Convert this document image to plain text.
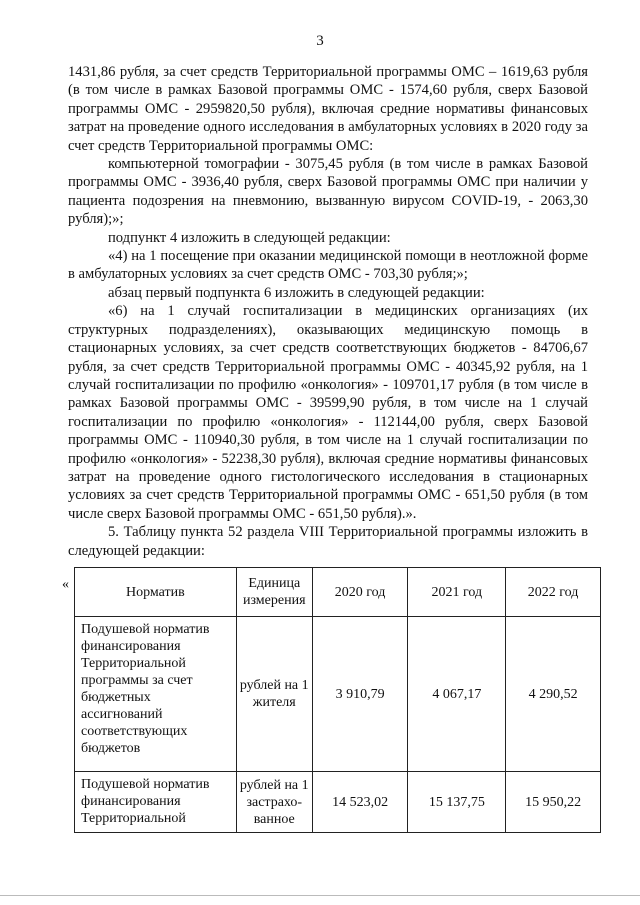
3

1431,86 рубля, за счет средств Территориальной программы ОМС – 1619,63 рубля (в том числе в рамках Базовой программы ОМС - 1574,60 рубля, сверх Базовой программы ОМС - 2959820,50 рубля), включая средние нормативы финансовых затрат на проведение одного исследования в амбулаторных условиях в 2020 году за счет средств Территориальной программы ОМС:

компьютерной томографии - 3075,45 рубля (в том числе в рамках Базовой программы ОМС - 3936,40 рубля, сверх Базовой программы ОМС при наличии у пациента подозрения на пневмонию, вызванную вирусом COVID-19, - 2063,30 рубля);»;

подпункт 4 изложить в следующей редакции:

«4) на 1 посещение при оказании медицинской помощи в неотложной форме в амбулаторных условиях за счет средств ОМС - 703,30 рубля;»;

абзац первый подпункта 6 изложить в следующей редакции:

«6) на 1 случай госпитализации в медицинских организациях (их структурных подразделениях), оказывающих медицинскую помощь в стационарных условиях, за счет средств соответствующих бюджетов - 84706,67 рубля, за счет средств Территориальной программы ОМС - 40345,92 рубля, на 1 случай госпитализации по профилю «онкология» - 109701,17 рубля (в том числе в рамках Базовой программы ОМС - 39599,90 рубля, в том числе на 1 случай госпитализации по профилю «онкология» - 112144,00 рубля, сверх Базовой программы ОМС - 110940,30 рубля, в том числе на 1 случай госпитализации по профилю «онкология» - 52238,30 рубля), включая средние нормативы финансовых затрат на проведение одного гистологического исследования в стационарных условиях за счет средств Территориальной программы ОМС - 651,50 рубля (в том числе сверх Базовой программы ОМС - 651,50 рубля).».

5. Таблицу пункта 52 раздела VIII Территориальной программы изложить в следующей редакции:

«	Норматив	Единица измерения	2020 год	2021 год	2022 год
Подушевой норматив финансирования Территориальной программы за счет бюджетных ассигнований соответствующих бюджетов	рублей на 1 жителя	3 910,79	4 067,17	4 290,52
Подушевой норматив финансирования Территориальной	рублей на 1 застрахо-ванное	14 523,02	15 137,75	15 950,22
